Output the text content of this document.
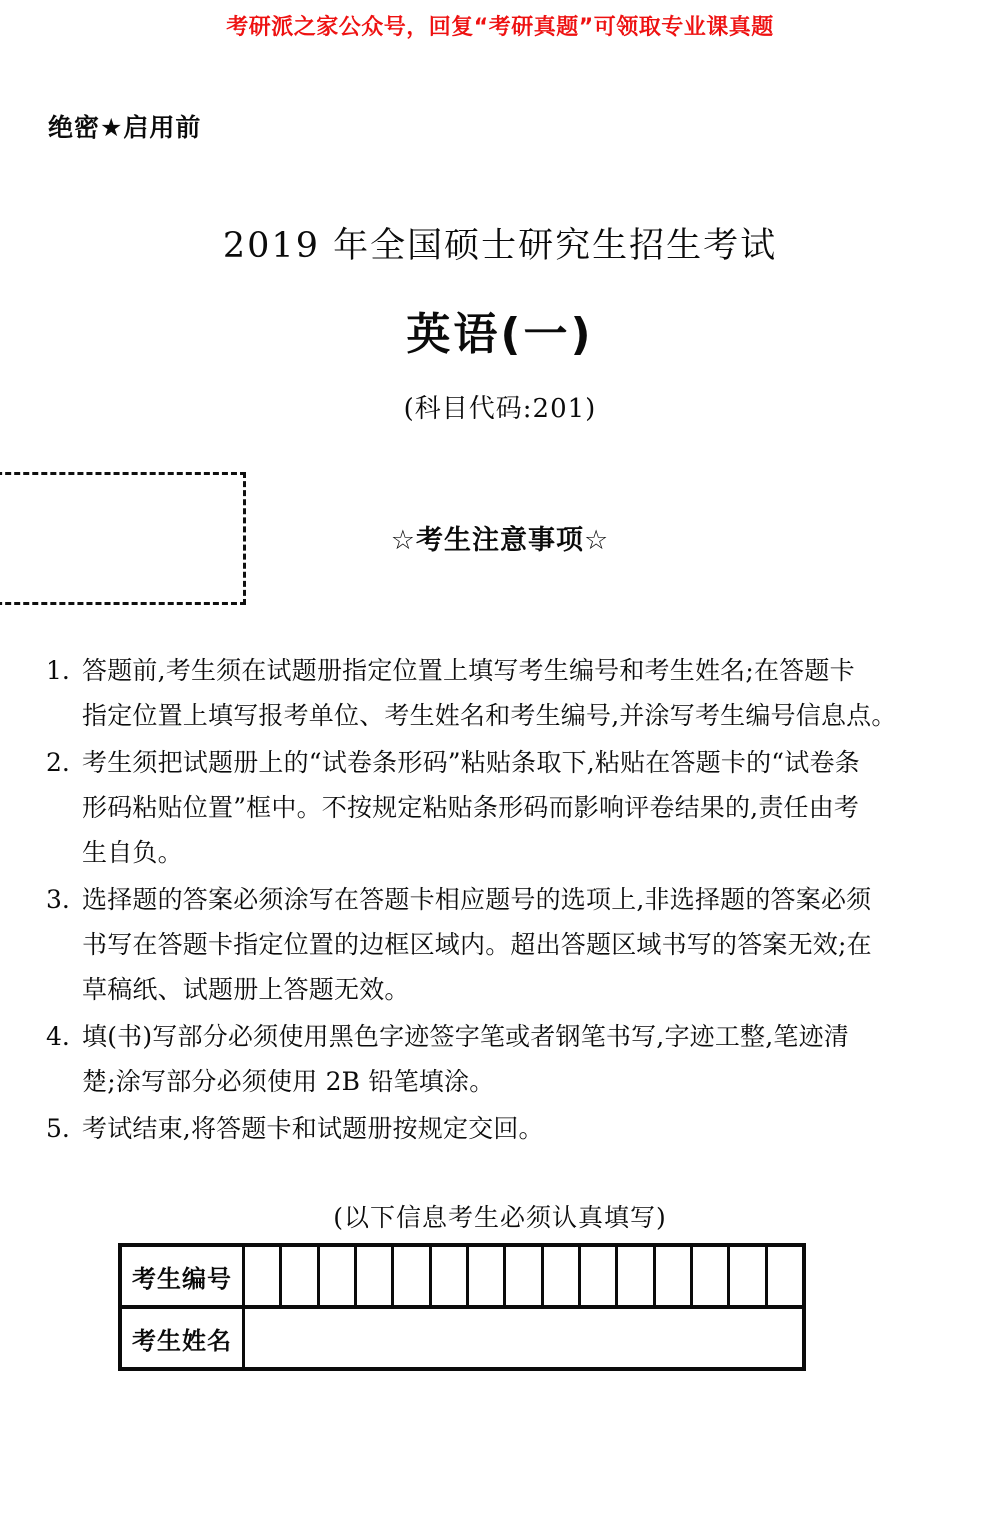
考研派之家公众号，回复“考研真题”可领取专业课真题
绝密★启用前
2019 年全国硕士研究生招生考试
英语(一)
(科目代码:201)
☆考生注意事项☆
1. 答题前,考生须在试题册指定位置上填写考生编号和考生姓名;在答题卡
指定位置上填写报考单位、考生姓名和考生编号,并涂写考生编号信息点。
2. 考生须把试题册上的“试卷条形码”粘贴条取下,粘贴在答题卡的“试卷条
形码粘贴位置”框中。不按规定粘贴条形码而影响评卷结果的,责任由考
生自负。
3. 选择题的答案必须涂写在答题卡相应题号的选项上,非选择题的答案必须
书写在答题卡指定位置的边框区域内。超出答题区域书写的答案无效;在
草稿纸、试题册上答题无效。
4. 填(书)写部分必须使用黑色字迹签字笔或者钢笔书写,字迹工整,笔迹清
楚;涂写部分必须使用 2B 铅笔填涂。
5. 考试结束,将答题卡和试题册按规定交回。
(以下信息考生必须认真填写)
考生编号
考生姓名
